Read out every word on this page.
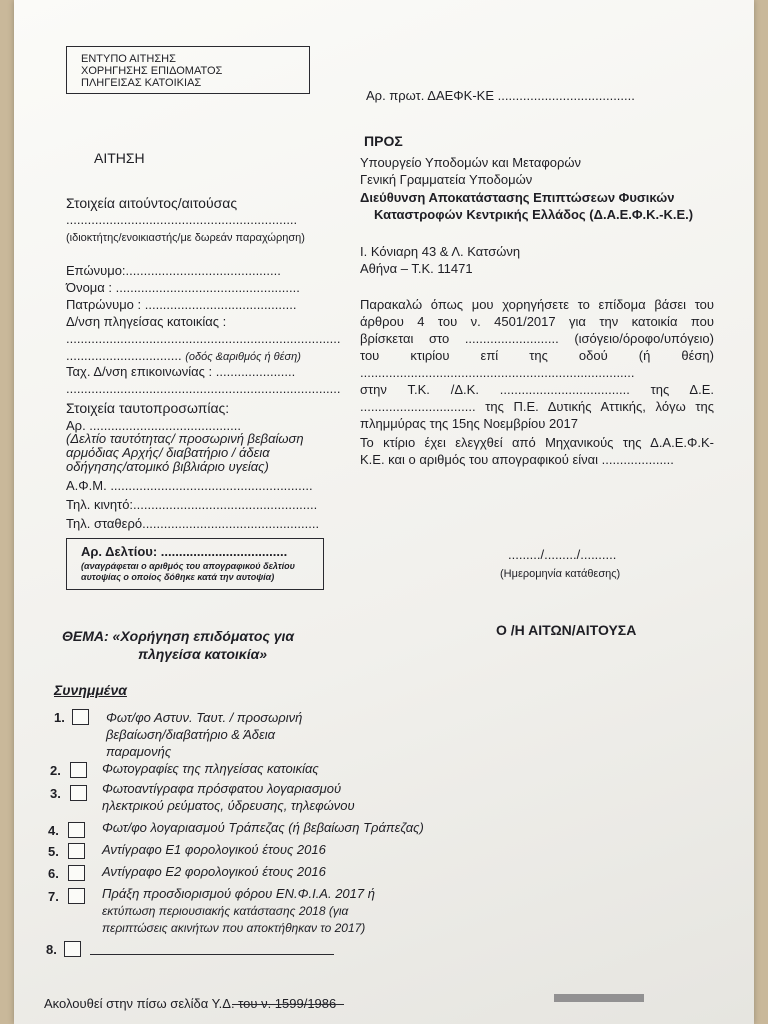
ΕΝΤΥΠΟ ΑΙΤΗΣΗΣ
ΧΟΡΗΓΗΣΗΣ ΕΠΙΔΟΜΑΤΟΣ
ΠΛΗΓΕΙΣΑΣ ΚΑΤΟΙΚΙΑΣ
Αρ. πρωτ. ΔΑΕΦΚ-ΚΕ ......................................
ΠΡΟΣ
ΑΙΤΗΣΗ	Υπουργείο Υποδομών και Μεταφορών
Γενική Γραμματεία Υποδομών
Διεύθυνση Αποκατάστασης Επιπτώσεων Φυσικών
Καταστροφών Κεντρικής Ελλάδος (Δ.Α.Ε.Φ.Κ.-Κ.Ε.)
Ι. Κόνιαρη 43 & Λ. Κατσώνη
Αθήνα – Τ.Κ. 11471
Στοιχεία αιτούντος/αιτούσας
................................................................
(ιδιοκτήτης/ενοικιαστής/με δωρεάν παραχώρηση)
Επώνυμο:...........................................
Όνομα : ...................................................
Πατρώνυμο : ..........................................
Δ/νση πληγείσας κατοικίας :
............................................................................
................................ (οδός &αριθμός ή θέση)
Ταχ. Δ/νση επικοινωνίας : ......................
............................................................................
Στοιχεία ταυτοπροσωπίας:
Αρ. ..........................................
(Δελτίο ταυτότητας/ προσωρινή βεβαίωση αρμόδιας Αρχής/ διαβατήριο / άδεια οδήγησης/ατομικό βιβλιάριο υγείας)
Α.Φ.Μ. ........................................................
Τηλ. κινητό:...................................................
Τηλ. σταθερό.................................................
Αρ. Δελτίου: ...................................
(αναγράφεται ο αριθμός του απογραφικού δελτίου αυτοψίας ο οποίος δόθηκε κατά την αυτοψία)
Παρακαλώ όπως μου χορηγήσετε το επίδομα βάσει του
άρθρου 4 του ν. 4501/2017 για την κατοικία που
βρίσκεται στο .......................... (ισόγειο/όροφο/υπόγειο)
του κτιρίου επί της οδού (ή θέση)
............................................................................
στην Τ.Κ. /Δ.Κ. .................................... της Δ.Ε.
................................ της Π.Ε. Δυτικής Αττικής, λόγω της
πλημμύρας της 15ης Νοεμβρίου 2017
Το κτίριο έχει ελεγχθεί από Μηχανικούς της Δ.Α.Ε.Φ.Κ-
Κ.Ε. και ο αριθμός του απογραφικού είναι ....................
........./........./..........
(Ημερομηνία κατάθεσης)
Ο /Η ΑΙΤΩΝ/ΑΙΤΟΥΣΑ
ΘΕΜΑ: «Χορήγηση επιδόματος για
πληγείσα κατοικία»
Συνημμένα
1.	Φωτ/φο Αστυν. Ταυτ. / προσωρινή
βεβαίωση/διαβατήριο & Άδεια
παραμονής
2.	Φωτογραφίες της πληγείσας κατοικίας
3.	Φωτοαντίγραφα πρόσφατου λογαριασμού
ηλεκτρικού ρεύματος, ύδρευσης, τηλεφώνου
4.	Φωτ/φο λογαριασμού Τράπεζας (ή βεβαίωση Τράπεζας)
5.	Αντίγραφο Ε1 φορολογικού έτους 2016
6.	Αντίγραφο Ε2 φορολογικού έτους 2016
7.	Πράξη προσδιορισμού φόρου ΕΝ.Φ.Ι.Α. 2017 ή
εκτύπωση περιουσιακής κατάστασης 2018 (για
περιπτώσεις ακινήτων που αποκτήθηκαν το 2017)
8.
Ακολουθεί στην πίσω σελίδα Υ.Δ. του ν. 1599/1986
